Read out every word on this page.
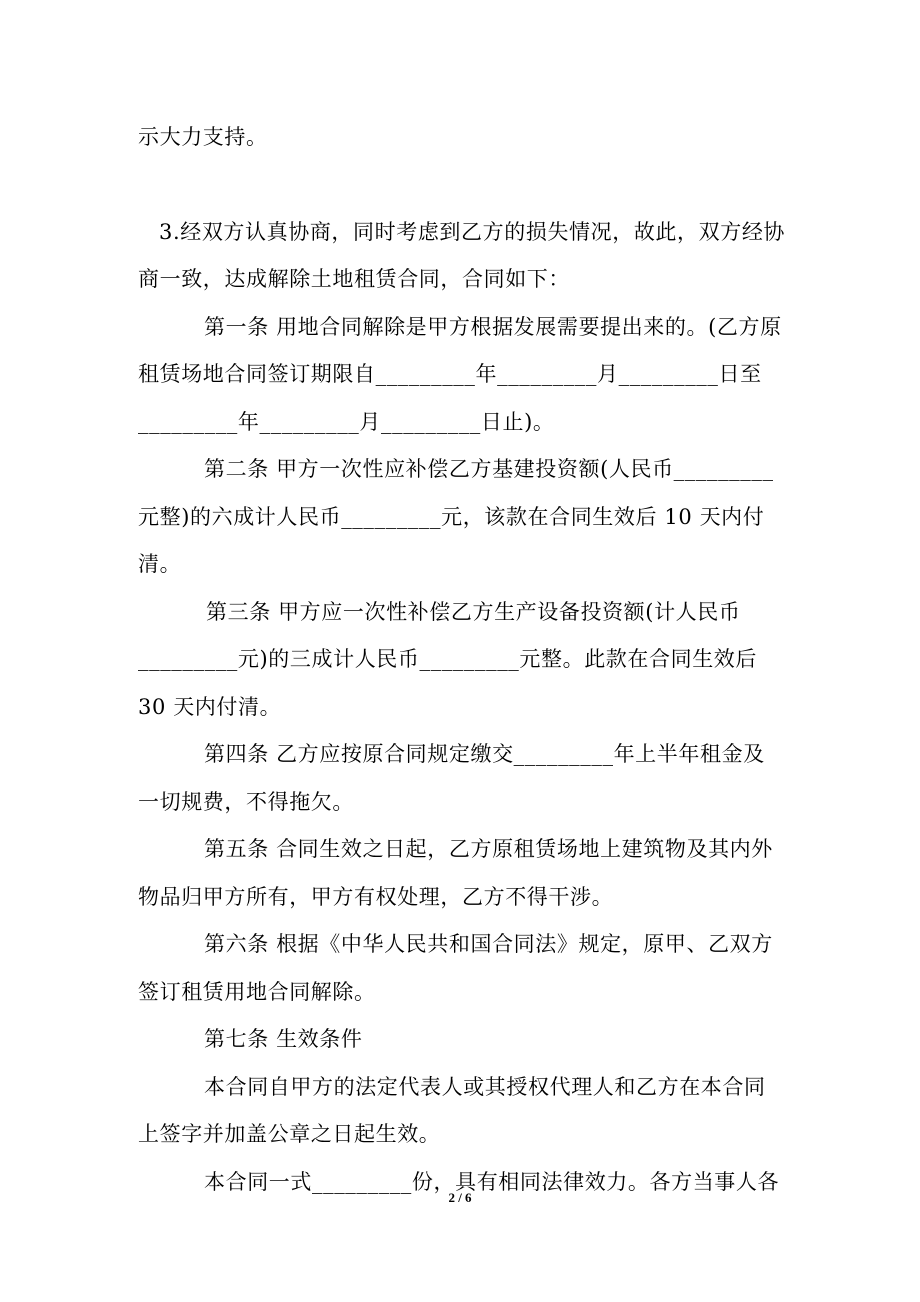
示大力支持。

3.经双方认真协商，同时考虑到乙方的损失情况，故此，双方经协商一致，达成解除土地租赁合同，合同如下：

第一条 用地合同解除是甲方根据发展需要提出来的。(乙方原租赁场地合同签订期限自_________年_________月_________日至_________年_________月_________日止)。

第二条 甲方一次性应补偿乙方基建投资额(人民币_________元整)的六成计人民币_________元，该款在合同生效后 10 天内付清。

第三条 甲方应一次性补偿乙方生产设备投资额(计人民币_________元)的三成计人民币_________元整。此款在合同生效后 30 天内付清。

第四条 乙方应按原合同规定缴交_________年上半年租金及一切规费，不得拖欠。

第五条 合同生效之日起，乙方原租赁场地上建筑物及其内外物品归甲方所有，甲方有权处理，乙方不得干涉。

第六条 根据《中华人民共和国合同法》规定，原甲、乙双方签订租赁用地合同解除。

第七条 生效条件

本合同自甲方的法定代表人或其授权代理人和乙方在本合同上签字并加盖公章之日起生效。

本合同一式_________份，具有相同法律效力。各方当事人各

2 / 6
